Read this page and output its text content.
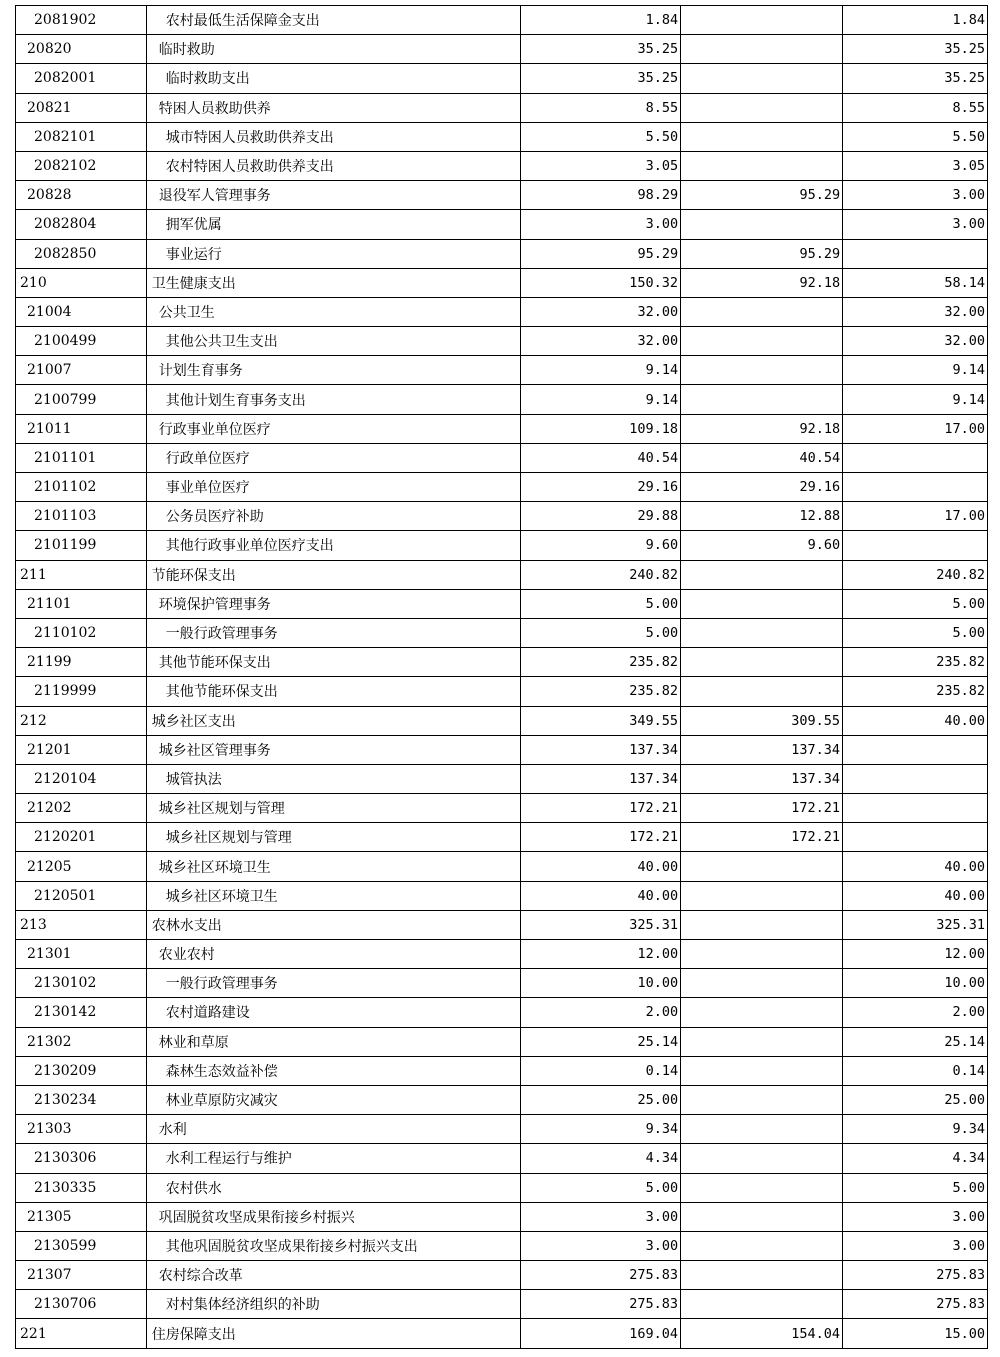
2081902	农村最低生活保障金支出	1.84		1.84
20820	临时救助	35.25		35.25
2082001	临时救助支出	35.25		35.25
20821	特困人员救助供养	8.55		8.55
2082101	城市特困人员救助供养支出	5.50		5.50
2082102	农村特困人员救助供养支出	3.05		3.05
20828	退役军人管理事务	98.29	95.29	3.00
2082804	拥军优属	3.00		3.00
2082850	事业运行	95.29	95.29	
210	卫生健康支出	150.32	92.18	58.14
21004	公共卫生	32.00		32.00
2100499	其他公共卫生支出	32.00		32.00
21007	计划生育事务	9.14		9.14
2100799	其他计划生育事务支出	9.14		9.14
21011	行政事业单位医疗	109.18	92.18	17.00
2101101	行政单位医疗	40.54	40.54	
2101102	事业单位医疗	29.16	29.16	
2101103	公务员医疗补助	29.88	12.88	17.00
2101199	其他行政事业单位医疗支出	9.60	9.60	
211	节能环保支出	240.82		240.82
21101	环境保护管理事务	5.00		5.00
2110102	一般行政管理事务	5.00		5.00
21199	其他节能环保支出	235.82		235.82
2119999	其他节能环保支出	235.82		235.82
212	城乡社区支出	349.55	309.55	40.00
21201	城乡社区管理事务	137.34	137.34	
2120104	城管执法	137.34	137.34	
21202	城乡社区规划与管理	172.21	172.21	
2120201	城乡社区规划与管理	172.21	172.21	
21205	城乡社区环境卫生	40.00		40.00
2120501	城乡社区环境卫生	40.00		40.00
213	农林水支出	325.31		325.31
21301	农业农村	12.00		12.00
2130102	一般行政管理事务	10.00		10.00
2130142	农村道路建设	2.00		2.00
21302	林业和草原	25.14		25.14
2130209	森林生态效益补偿	0.14		0.14
2130234	林业草原防灾减灾	25.00		25.00
21303	水利	9.34		9.34
2130306	水利工程运行与维护	4.34		4.34
2130335	农村供水	5.00		5.00
21305	巩固脱贫攻坚成果衔接乡村振兴	3.00		3.00
2130599	其他巩固脱贫攻坚成果衔接乡村振兴支出	3.00		3.00
21307	农村综合改革	275.83		275.83
2130706	对村集体经济组织的补助	275.83		275.83
221	住房保障支出	169.04	154.04	15.00
